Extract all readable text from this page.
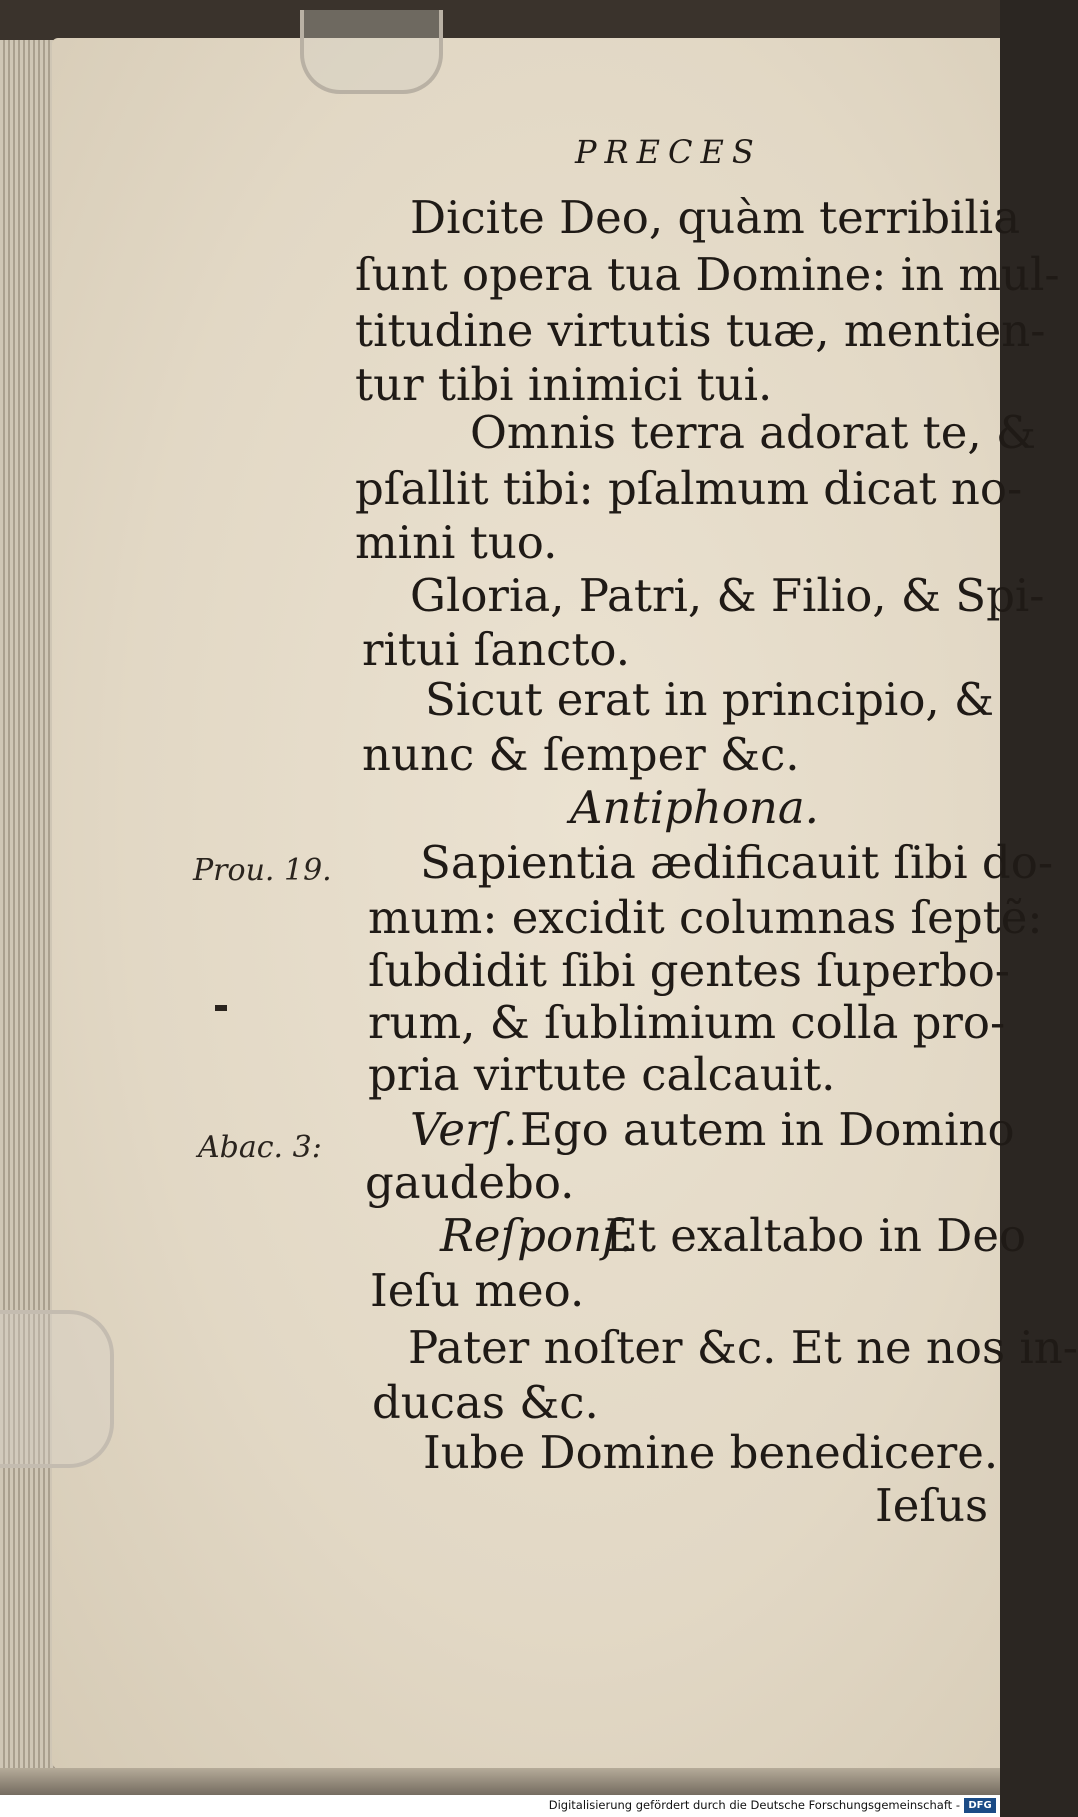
PRECES
Dicite Deo, quàm terribilia
ſunt opera tua Domine: in mul-
titudine virtutis tuæ, mentien-
tur tibi inimici tui.
Omnis terra adorat te, &
pſallit tibi: pſalmum dicat no-
mini tuo.
Gloria, Patri, & Filio, & Spi-
ritui ſancto.
Sicut erat in principio, &
nunc & ſemper &c.
Antiphona.
Sapientia ædificauit ſibi do-
mum: excidit columnas ſeptẽ:
ſubdidit ſibi gentes ſuperbo-
rum, & ſublimium colla pro-
pria virtute calcauit.
Verſ. Ego autem in Domino
gaudebo.
Reſponſ.
Et exaltabo in Deo
Ieſu meo.
Pater noſter &c. Et ne nos in-
ducas &c.
Iube Domine benedicere.
Ieſus
Prou. 19.
Abac. 3:
Digitalisierung gefördert durch die Deutsche Forschungsgemeinschaft - DFG
